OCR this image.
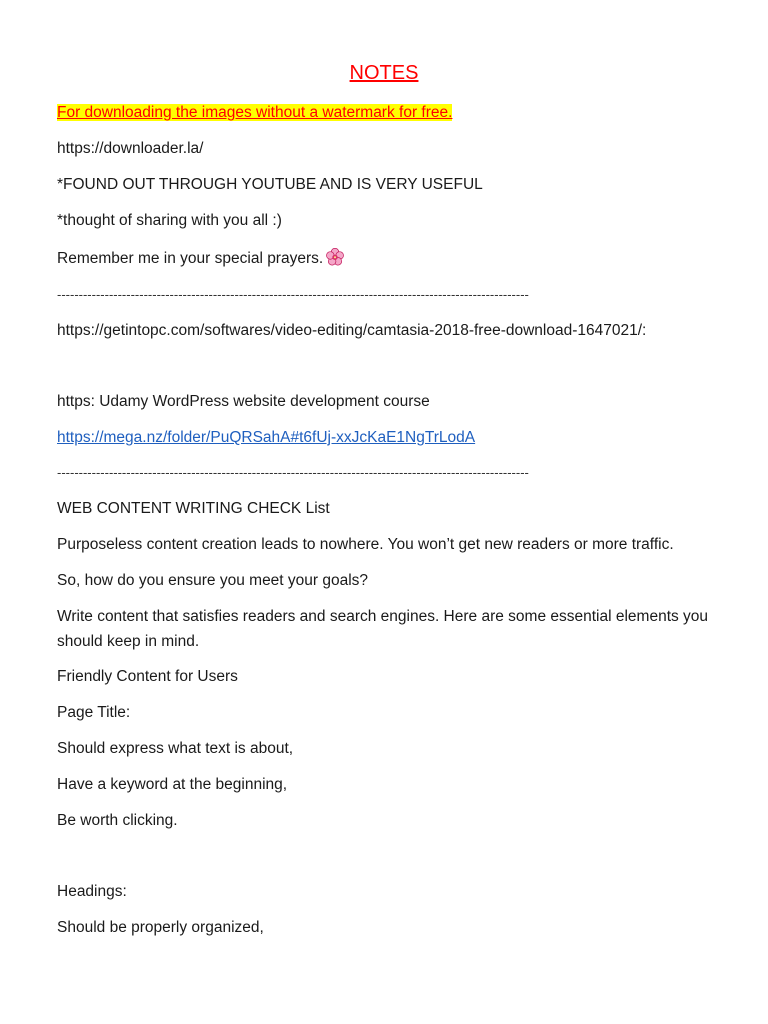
NOTES
For downloading the images without a watermark for free.
https://downloader.la/
*FOUND OUT THROUGH YOUTUBE AND IS VERY USEFUL
*thought of sharing with you all :)
Remember me in your special prayers.
-------------------------------------------------------------------------------------------------------------
https://getintopc.com/softwares/video-editing/camtasia-2018-free-download-1647021/:
https: Udamy WordPress website development course
https://mega.nz/folder/PuQRSahA#t6fUj-xxJcKaE1NgTrLodA
-------------------------------------------------------------------------------------------------------------
WEB CONTENT WRITING CHECK List
Purposeless content creation leads to nowhere. You won’t get new readers or more traffic.
So, how do you ensure you meet your goals?
Write content that satisfies readers and search engines. Here are some essential elements you should keep in mind.
Friendly Content for Users
Page Title:
Should express what text is about,
Have a keyword at the beginning,
Be worth clicking.
Headings:
Should be properly organized,
